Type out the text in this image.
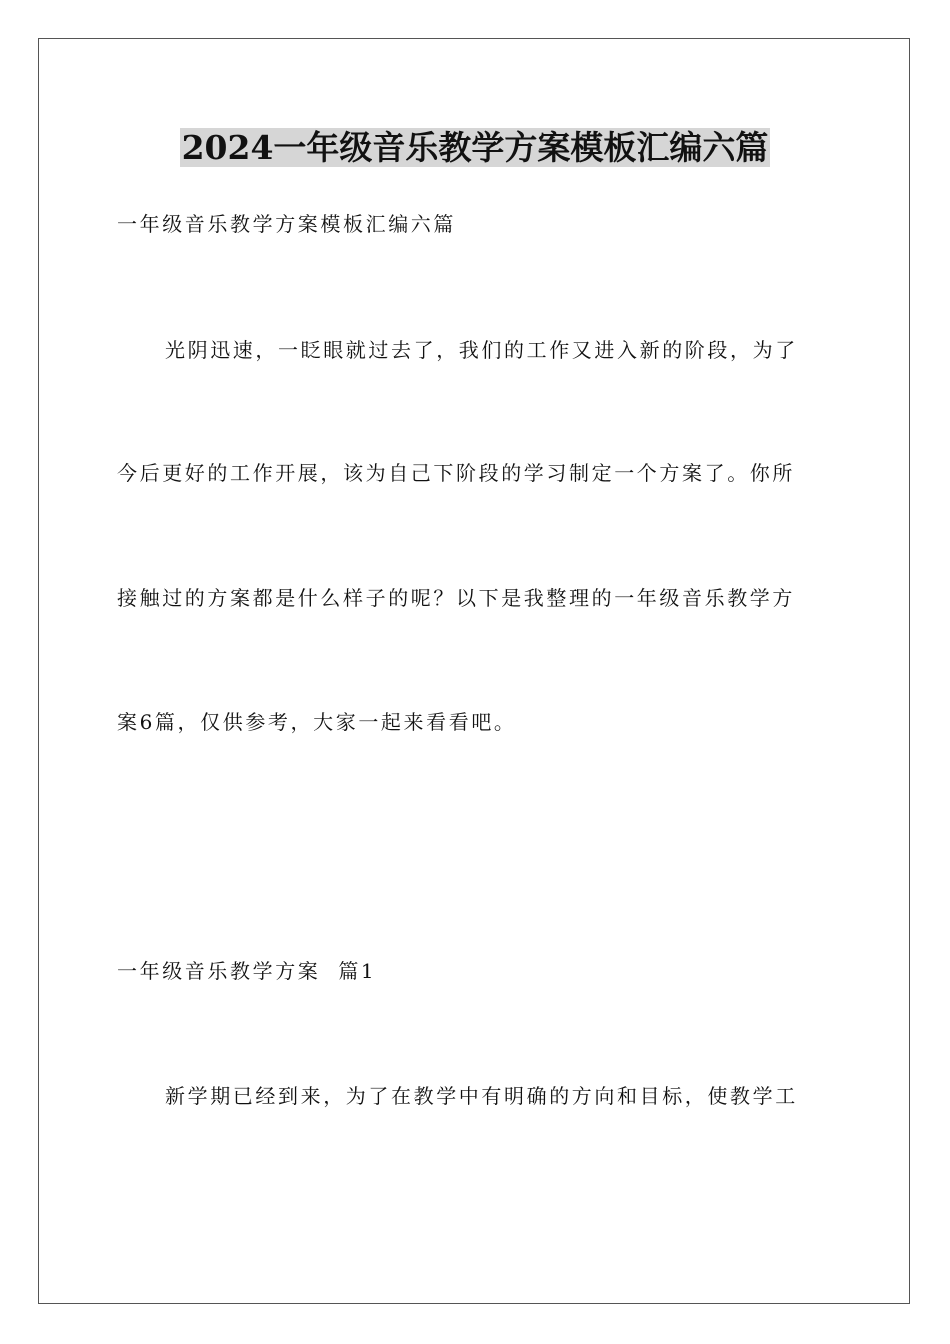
2024一年级音乐教学方案模板汇编六篇
一年级音乐教学方案模板汇编六篇
光阴迅速，一眨眼就过去了，我们的工作又进入新的阶段，为了
今后更好的工作开展，该为自己下阶段的学习制定一个方案了。你所
接触过的方案都是什么样子的呢？以下是我整理的一年级音乐教学方
案6篇，仅供参考，大家一起来看看吧。
一年级音乐教学方案  篇1
新学期已经到来，为了在教学中有明确的方向和目标，使教学工
